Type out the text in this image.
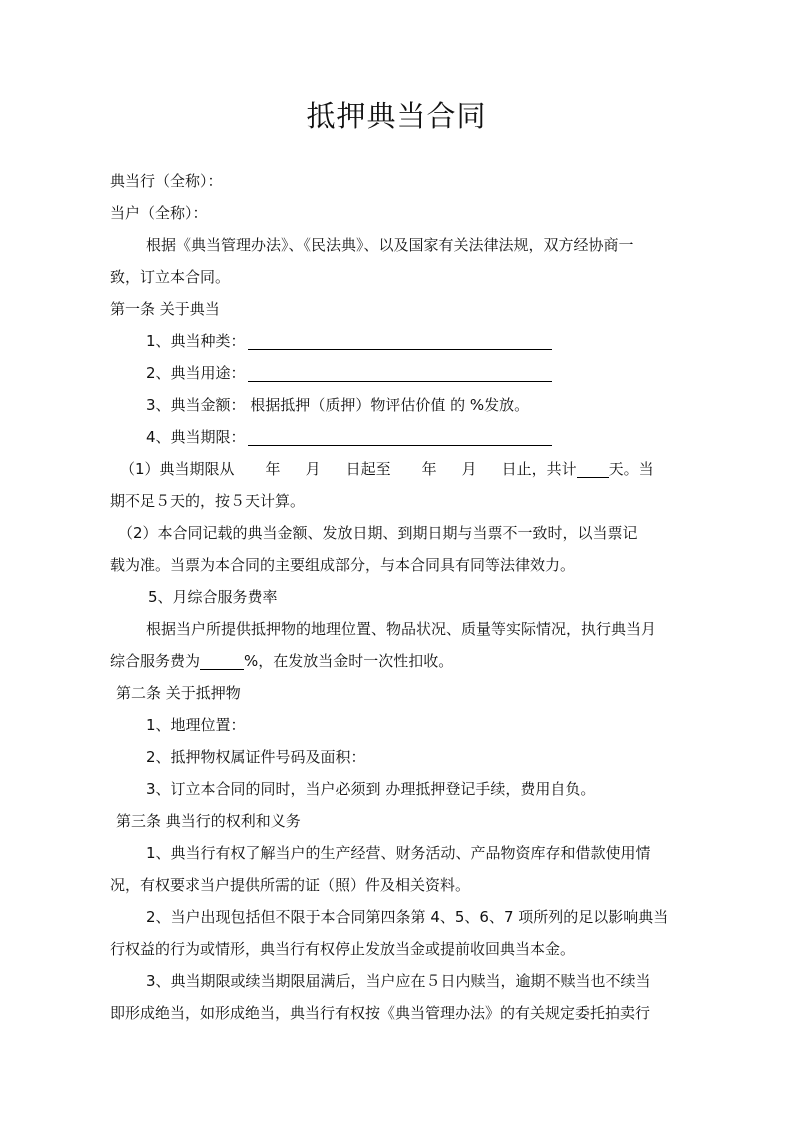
抵押典当合同
典当行（全称）：
当户（全称）：
根据《典当管理办法》、《民法典》、以及国家有关法律法规，双方经协商一
致，订立本合同。
第一条 关于典当
1、典当种类：
2、典当用途：
3、典当金额： 根据抵押（质押）物评估价值 的 %发放。
4、典当期限：
（1）典当期限从 年 月 日起至 年 月 日止，共计 天。当
期不足５天的，按５天计算。
（2）本合同记载的典当金额、发放日期、到期日期与当票不一致时，以当票记
载为准。当票为本合同的主要组成部分，与本合同具有同等法律效力。
5、月综合服务费率
根据当户所提供抵押物的地理位置、物品状况、质量等实际情况，执行典当月
综合服务费为	%，在发放当金时一次性扣收。
第二条 关于抵押物
1、地理位置：
2、抵押物权属证件号码及面积：
3、订立本合同的同时，当户必须到 办理抵押登记手续，费用自负。
第三条 典当行的权利和义务
1、典当行有权了解当户的生产经营、财务活动、产品物资库存和借款使用情
况，有权要求当户提供所需的证（照）件及相关资料。
2、当户出现包括但不限于本合同第四条第 4、5、6、7 项所列的足以影响典当
行权益的行为或情形，典当行有权停止发放当金或提前收回典当本金。
3、典当期限或续当期限届满后，当户应在５日内赎当，逾期不赎当也不续当
即形成绝当，如形成绝当，典当行有权按《典当管理办法》的有关规定委托拍卖行
